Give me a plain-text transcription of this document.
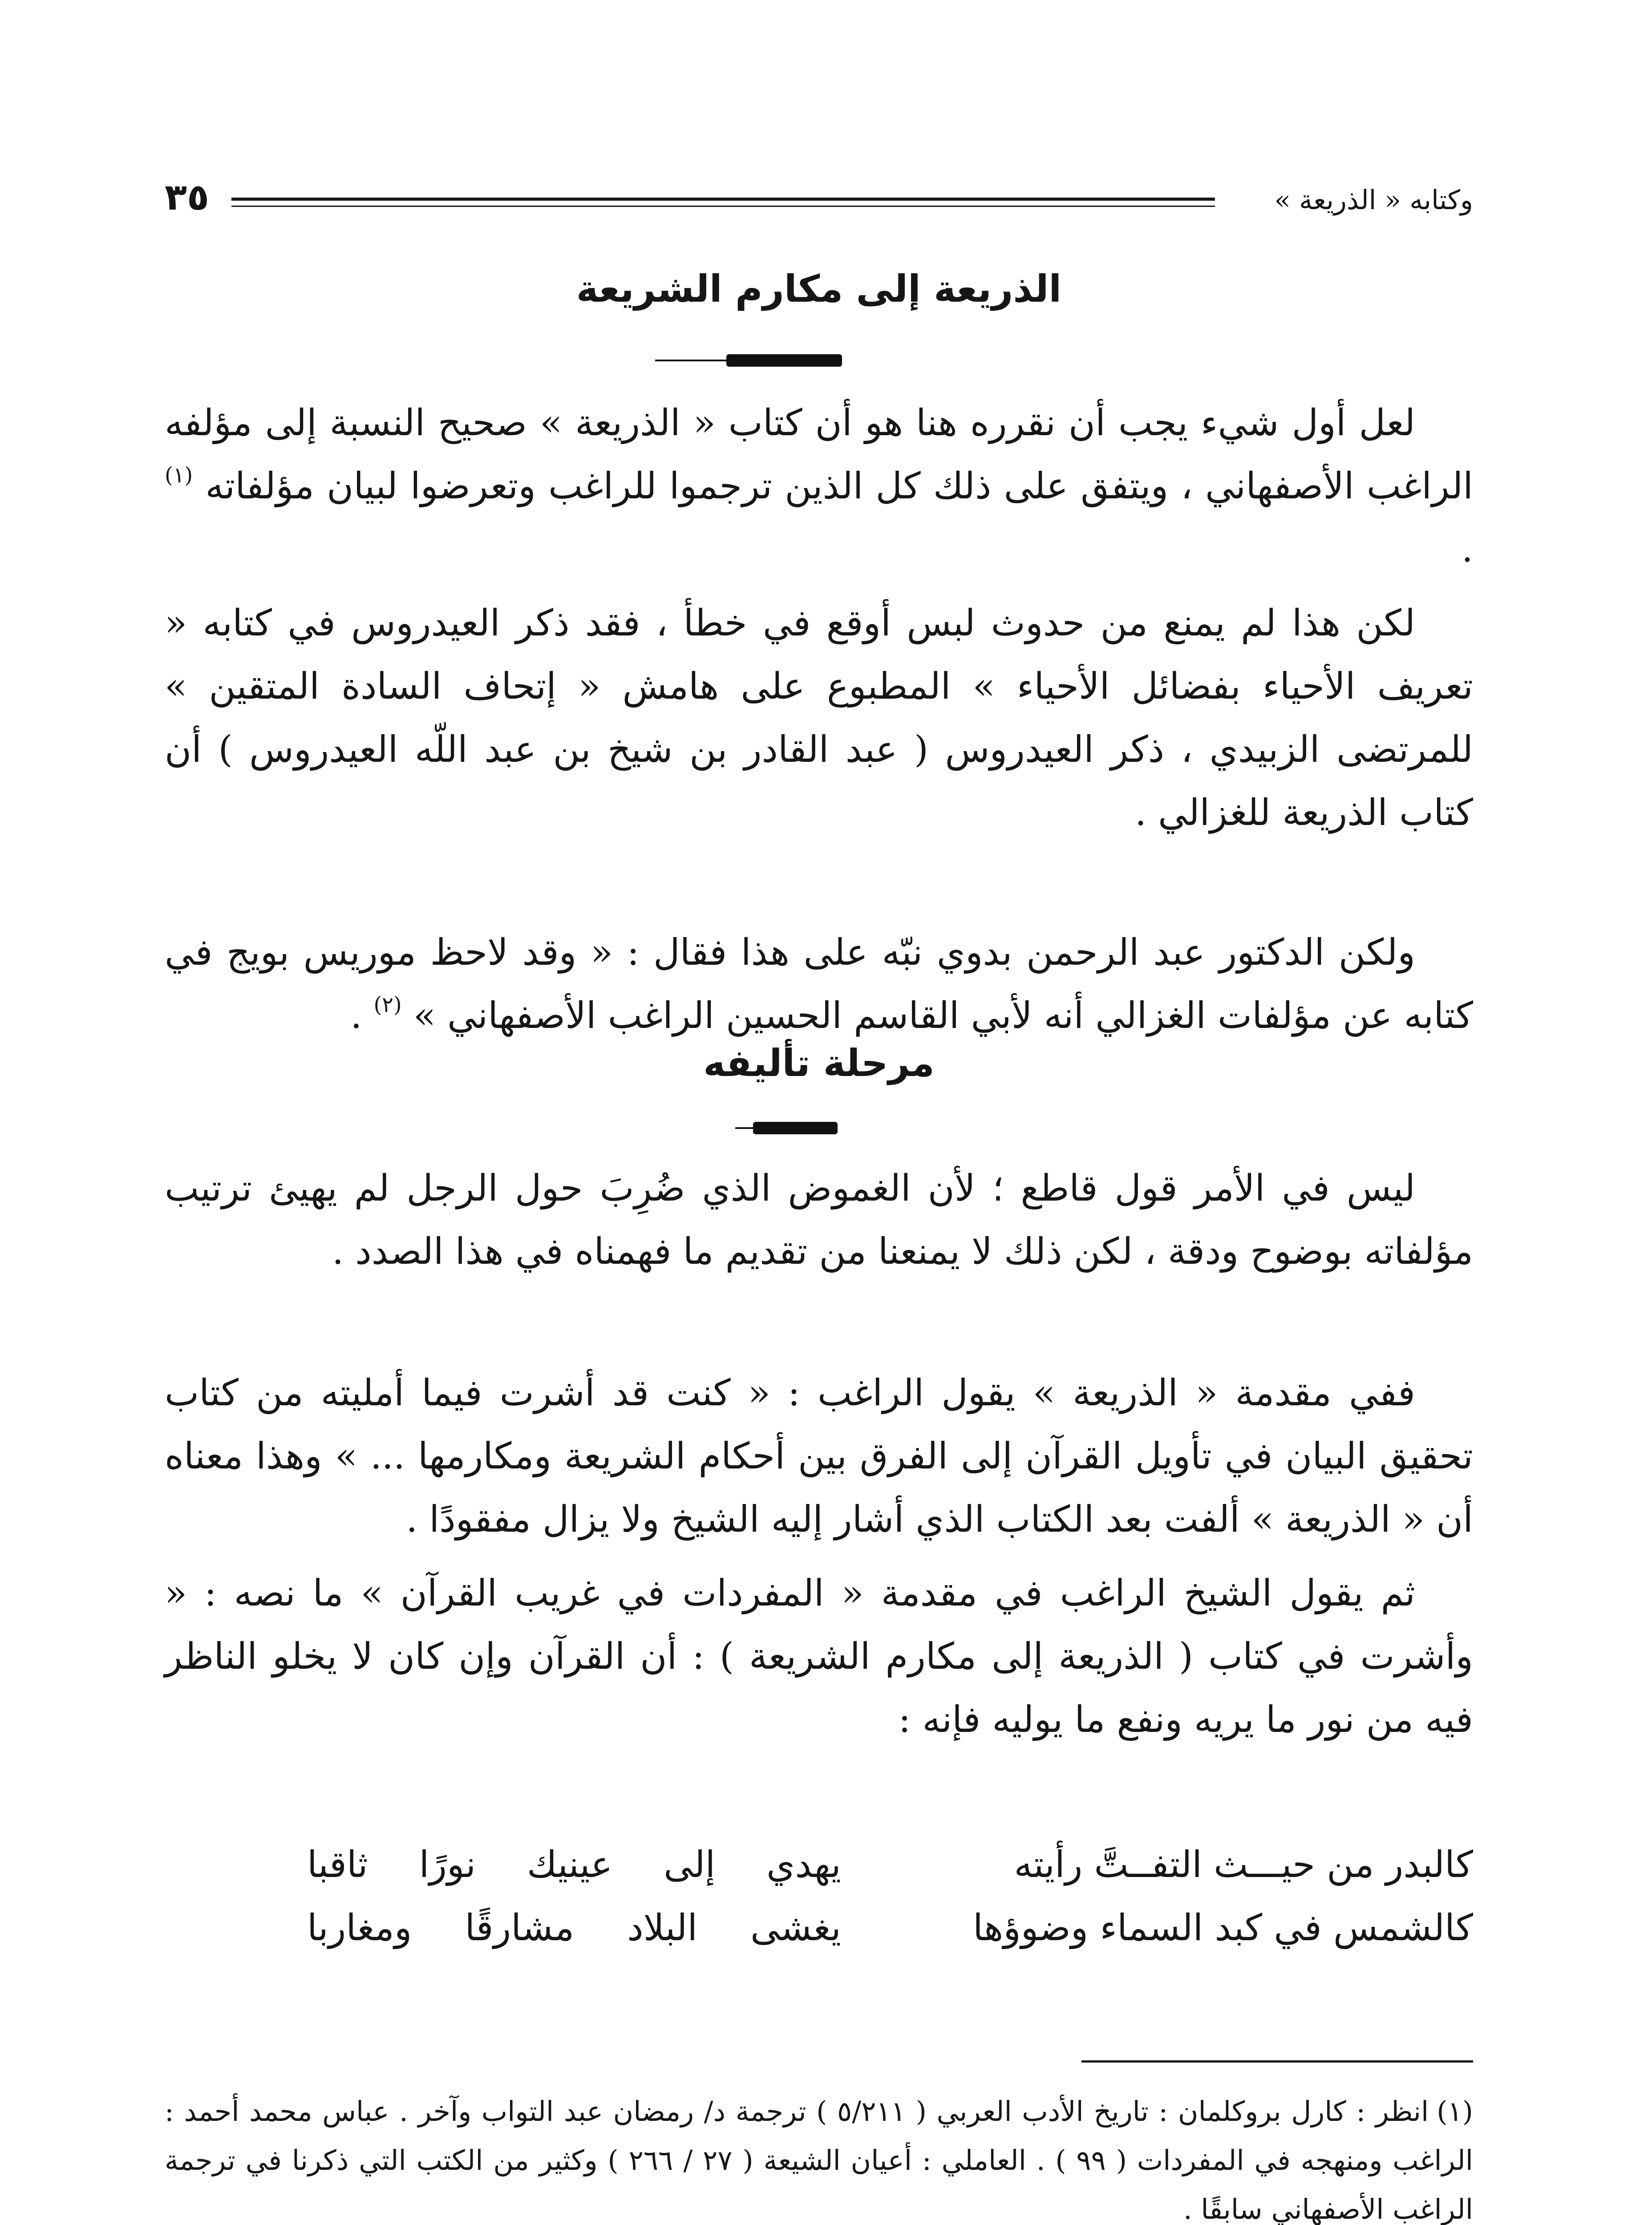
وكتابه « الذريعة »
٣٥
الذريعة إلى مكارم الشريعة
لعل أول شيء يجب أن نقرره هنا هو أن كتاب « الذريعة » صحيح النسبة إلى مؤلفه الراغب الأصفهاني ، ويتفق على ذلك كل الذين ترجموا للراغب وتعرضوا لبيان مؤلفاته $^{(١)}$ .
لكن هذا لم يمنع من حدوث لبس أوقع في خطأ ، فقد ذكر العيدروس في كتابه « تعريف الأحياء بفضائل الأحياء » المطبوع على هامش « إتحاف السادة المتقين » للمرتضى الزبيدي ، ذكر العيدروس ( عبد القادر بن شيخ بن عبد اللّه العيدروس ) أن كتاب الذريعة للغزالي .
ولكن الدكتور عبد الرحمن بدوي نبّه على هذا فقال : « وقد لاحظ موريس بويج في كتابه عن مؤلفات الغزالي أنه لأبي القاسم الحسين الراغب الأصفهاني » $^{(٢)}$ .
مرحلة تأليفه
ليس في الأمر قول قاطع ؛ لأن الغموض الذي ضُرِبَ حول الرجل لم يهيئ ترتيب مؤلفاته بوضوح ودقة ، لكن ذلك لا يمنعنا من تقديم ما فهمناه في هذا الصدد .
ففي مقدمة « الذريعة » يقول الراغب : « كنت قد أشرت فيما أمليته من كتاب تحقيق البيان في تأويل القرآن إلى الفرق بين أحكام الشريعة ومكارمها ... » وهذا معناه أن « الذريعة » ألفت بعد الكتاب الذي أشار إليه الشيخ ولا يزال مفقودًا .
ثم يقول الشيخ الراغب في مقدمة « المفردات في غريب القرآن » ما نصه : « وأشرت في كتاب ( الذريعة إلى مكارم الشريعة ) : أن القرآن وإن كان لا يخلو الناظر فيه من نور ما يريه ونفع ما يوليه فإنه :
كالبدر من حيـــث التفــتَّ رأيته
يهدي إلى عينيك نورًا ثاقبا
كالشمس في كبد السماء وضوؤها
يغشى البلاد مشارقًا ومغاربا
(١)انظر : كارل بروكلمان : تاريخ الأدب العربي ( ٥/٢١١ ) ترجمة د/ رمضان عبد التواب وآخر . عباس محمد أحمد : الراغب ومنهجه في المفردات ( ٩٩ ) . العاملي : أعيان الشيعة ( ٢٧ / ٢٦٦ ) وكثير من الكتب التي ذكرنا في ترجمة الراغب الأصفهاني سابقًا .
